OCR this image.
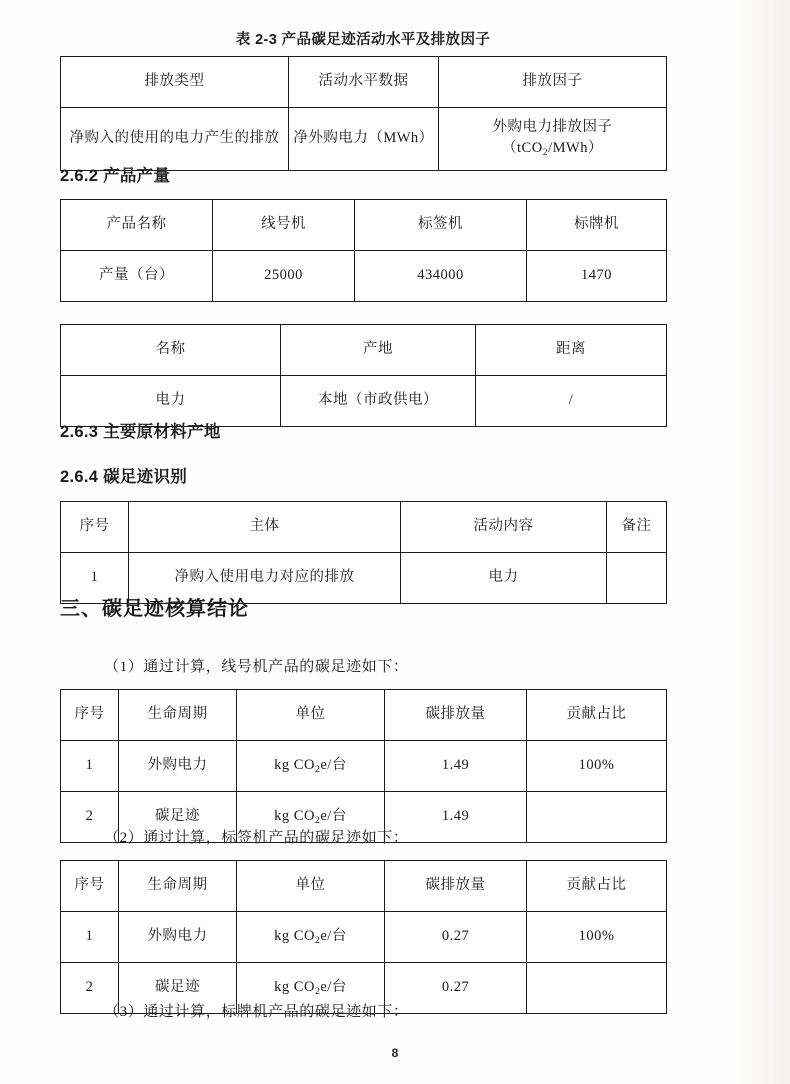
表 2-3 产品碳足迹活动水平及排放因子

排放类型	活动水平数据	排放因子
净购入的使用的电力产生的排放	净外购电力（MWh）	外购电力排放因子
（tCO$_2$/MWh）
2.6.2 产品产量
产品名称	线号机	标签机	标牌机
产量（台）	25000	434000	1470
名称	产地	距离
电力	本地（市政供电）	/
2.6.3 主要原材料产地
2.6.4 碳足迹识别
序号	主体	活动内容	备注
1	净购入使用电力对应的排放	电力	
三、碳足迹核算结论

（1）通过计算，线号机产品的碳足迹如下：

序号	生命周期	单位	碳排放量	贡献占比
1	外购电力	kg $CO_2e/$台	1.49	100%
2	碳足迹	kg $CO_2e/$台	1.49	

（2）通过计算，标签机产品的碳足迹如下：

序号	生命周期	单位	碳排放量	贡献占比
1	外购电力	kg $CO_2e/$台	0.27	100%
2	碳足迹	kg $CO_2e/$台	0.27	

（3）通过计算，标牌机产品的碳足迹如下：

8
